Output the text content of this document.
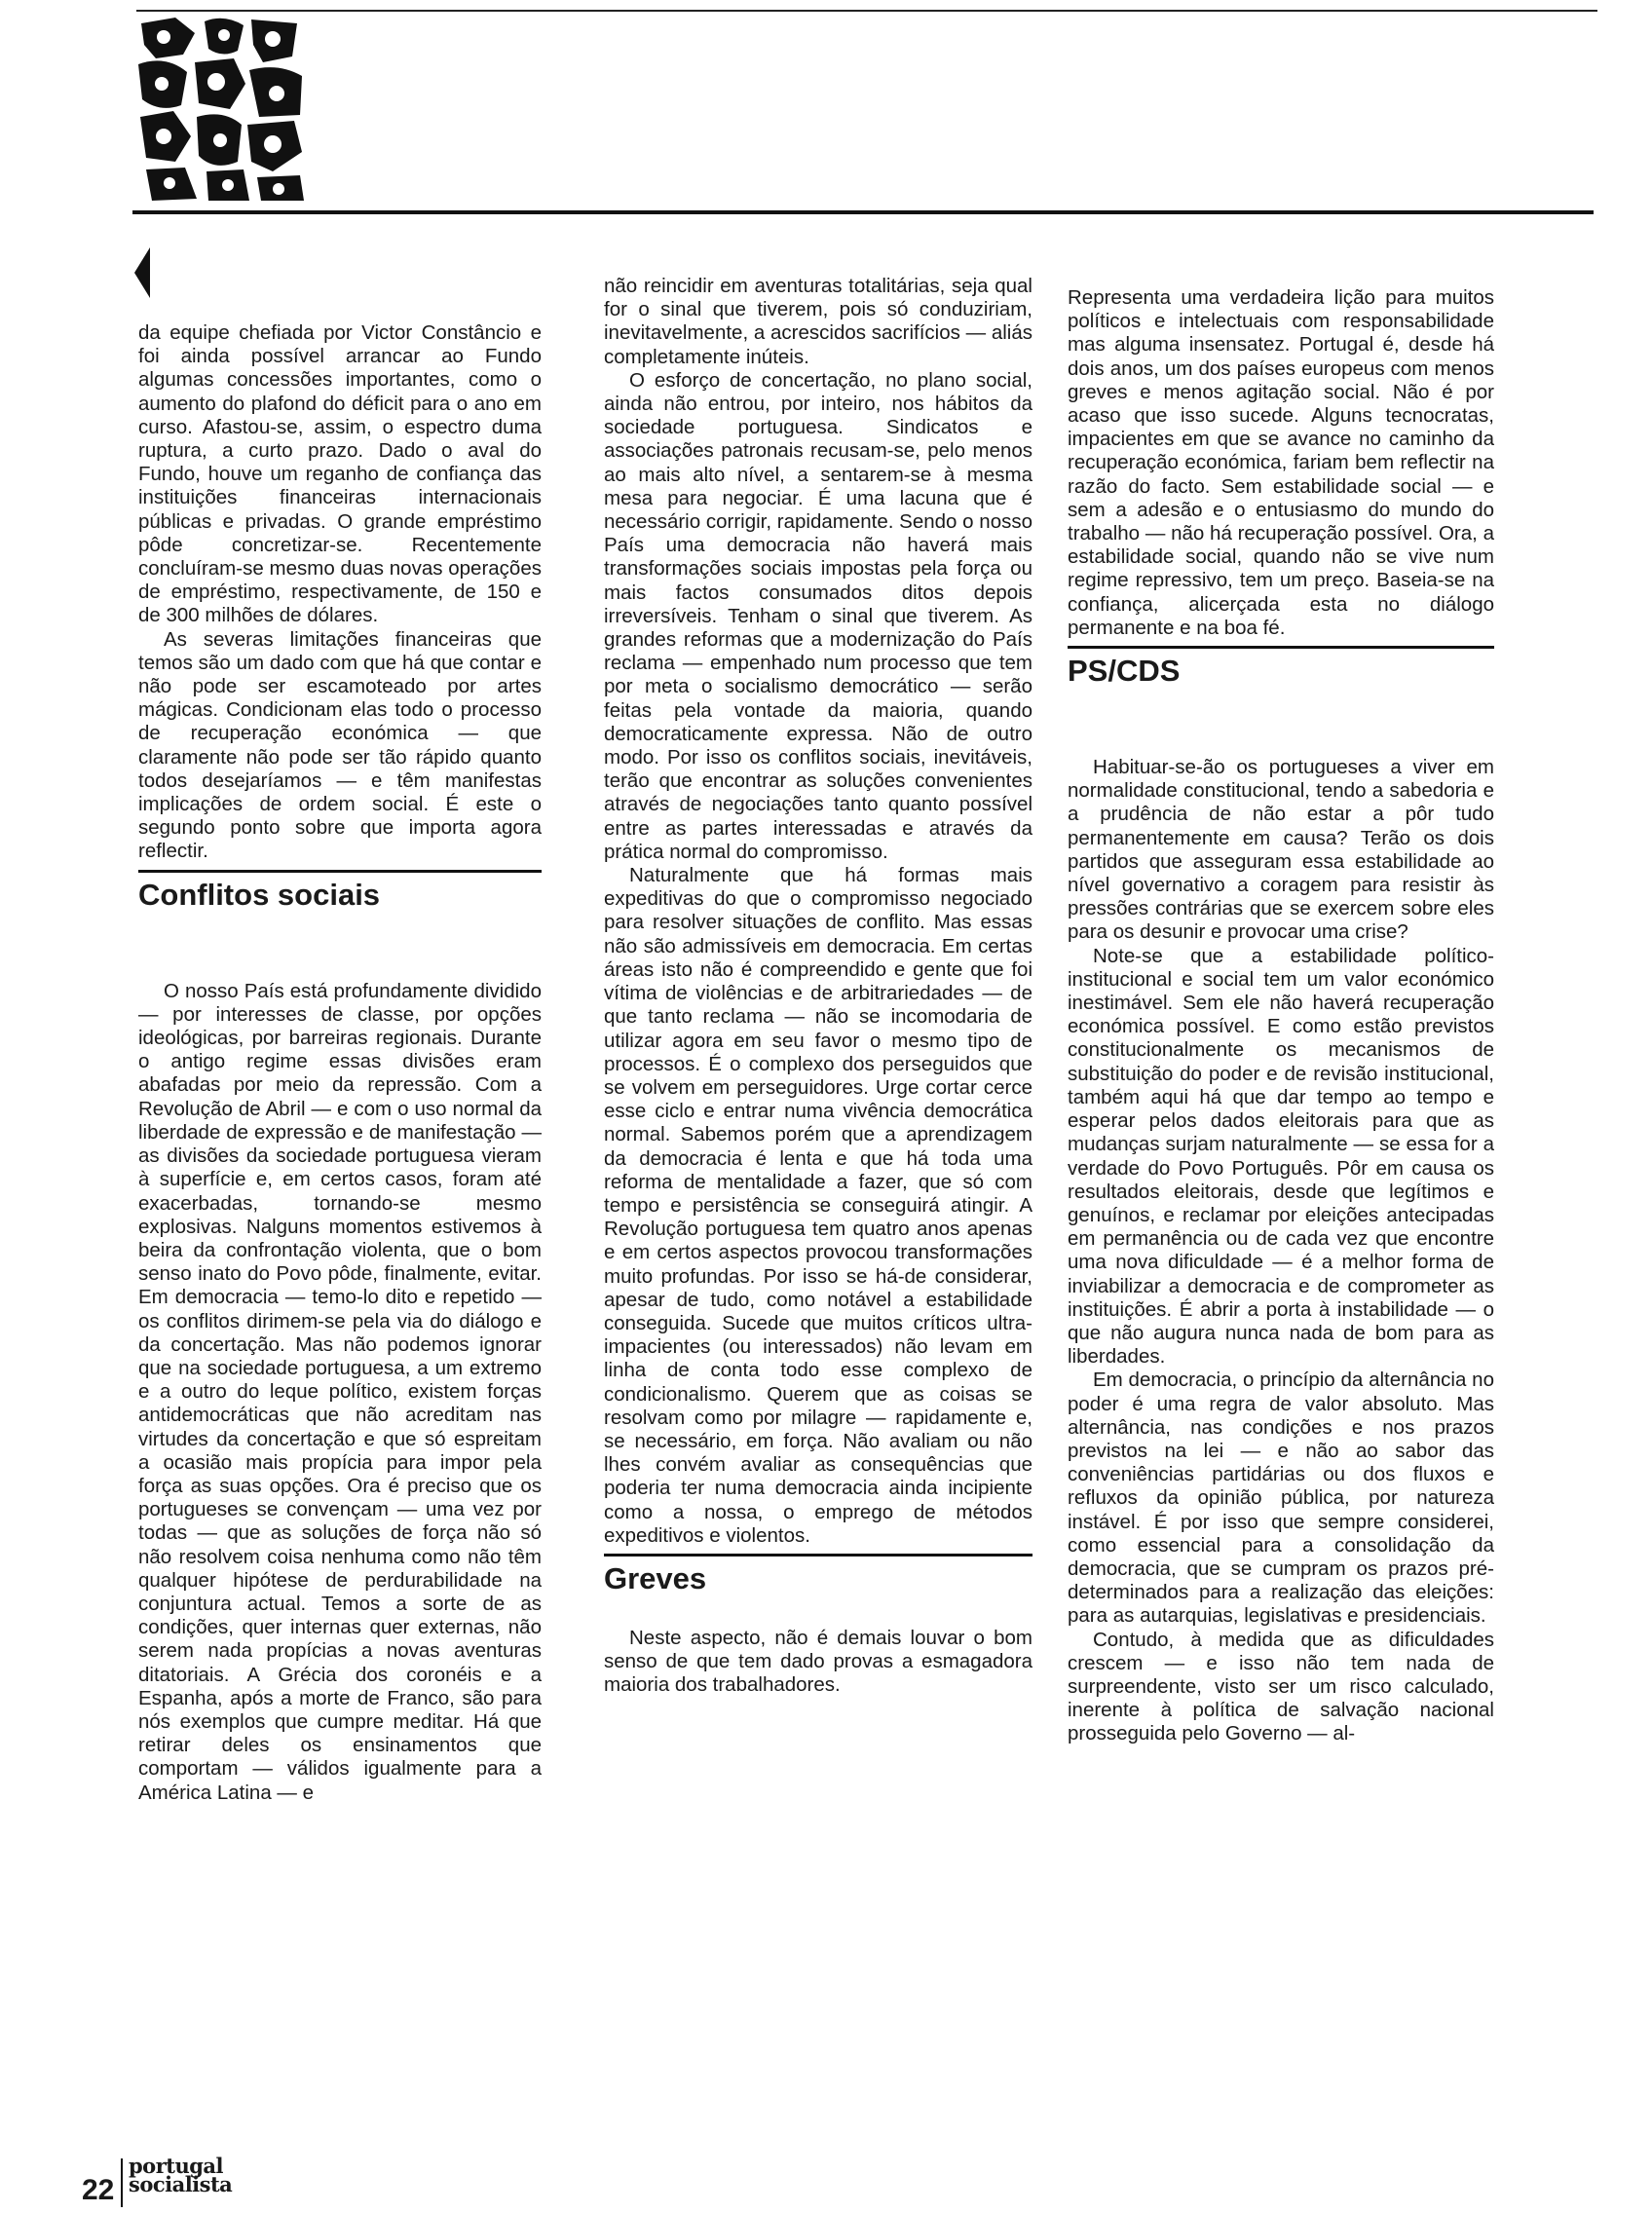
da equipe chefiada por Victor Constâncio e foi ainda possível arrancar ao Fundo algumas concessões importantes, como o aumento do plafond do déficit para o ano em curso. Afastou-se, assim, o espectro duma ruptura, a curto prazo. Dado o aval do Fundo, houve um reganho de confiança das instituições financeiras internacionais públicas e privadas. O grande empréstimo pôde concretizar-se. Recentemente concluíram-se mesmo duas novas operações de empréstimo, respectivamente, de 150 e de 300 milhões de dólares.

As severas limitações financeiras que temos são um dado com que há que contar e não pode ser escamoteado por artes mágicas. Condicionam elas todo o processo de recuperação económica — que claramente não pode ser tão rápido quanto todos desejaríamos — e têm manifestas implicações de ordem social. É este o segundo ponto sobre que importa agora reflectir.

Conflitos sociais

O nosso País está profundamente dividido — por interesses de classe, por opções ideológicas, por barreiras regionais. Durante o antigo regime essas divisões eram abafadas por meio da repressão. Com a Revolução de Abril — e com o uso normal da liberdade de expressão e de manifestação — as divisões da sociedade portuguesa vieram à superfície e, em certos casos, foram até exacerbadas, tornando-se mesmo explosivas. Nalguns momentos estivemos à beira da confrontação violenta, que o bom senso inato do Povo pôde, finalmente, evitar. Em democracia — temo-lo dito e repetido — os conflitos dirimem-se pela via do diálogo e da concertação. Mas não podemos ignorar que na sociedade portuguesa, a um extremo e a outro do leque político, existem forças antidemocráticas que não acreditam nas virtudes da concertação e que só espreitam a ocasião mais propícia para impor pela força as suas opções. Ora é preciso que os portugueses se convençam — uma vez por todas — que as soluções de força não só não resolvem coisa nenhuma como não têm qualquer hipótese de perdurabilidade na conjuntura actual. Temos a sorte de as condições, quer internas quer externas, não serem nada propícias a novas aventuras ditatoriais. A Grécia dos coronéis e a Espanha, após a morte de Franco, são para nós exemplos que cumpre meditar. Há que retirar deles os ensinamentos que comportam — válidos igualmente para a América Latina — e

não reincidir em aventuras totalitárias, seja qual for o sinal que tiverem, pois só conduziriam, inevitavelmente, a acrescidos sacrifícios — aliás completamente inúteis.

O esforço de concertação, no plano social, ainda não entrou, por inteiro, nos hábitos da sociedade portuguesa. Sindicatos e associações patronais recusam-se, pelo menos ao mais alto nível, a sentarem-se à mesma mesa para negociar. É uma lacuna que é necessário corrigir, rapidamente. Sendo o nosso País uma democracia não haverá mais transformações sociais impostas pela força ou mais factos consumados ditos depois irreversíveis. Tenham o sinal que tiverem. As grandes reformas que a modernização do País reclama — empenhado num processo que tem por meta o socialismo democrático — serão feitas pela vontade da maioria, quando democraticamente expressa. Não de outro modo. Por isso os conflitos sociais, inevitáveis, terão que encontrar as soluções convenientes através de negociações tanto quanto possível entre as partes interessadas e através da prática normal do compromisso.

Naturalmente que há formas mais expeditivas do que o compromisso negociado para resolver situações de conflito. Mas essas não são admissíveis em democracia. Em certas áreas isto não é compreendido e gente que foi vítima de violências e de arbitrariedades — de que tanto reclama — não se incomodaria de utilizar agora em seu favor o mesmo tipo de processos. É o complexo dos perseguidos que se volvem em perseguidores. Urge cortar cerce esse ciclo e entrar numa vivência democrática normal. Sabemos porém que a aprendizagem da democracia é lenta e que há toda uma reforma de mentalidade a fazer, que só com tempo e persistência se conseguirá atingir. A Revolução portuguesa tem quatro anos apenas e em certos aspectos provocou transformações muito profundas. Por isso se há-de considerar, apesar de tudo, como notável a estabilidade conseguida. Sucede que muitos críticos ultra-impacientes (ou interessados) não levam em linha de conta todo esse complexo de condicionalismo. Querem que as coisas se resolvam como por milagre — rapidamente e, se necessário, em força. Não avaliam ou não lhes convém avaliar as consequências que poderia ter numa democracia ainda incipiente como a nossa, o emprego de métodos expeditivos e violentos.

Greves

Neste aspecto, não é demais louvar o bom senso de que tem dado provas a esmagadora maioria dos trabalhadores.

Representa uma verdadeira lição para muitos políticos e intelectuais com responsabilidade mas alguma insensatez. Portugal é, desde há dois anos, um dos países europeus com menos greves e menos agitação social. Não é por acaso que isso sucede. Alguns tecnocratas, impacientes em que se avance no caminho da recuperação económica, fariam bem reflectir na razão do facto. Sem estabilidade social — e sem a adesão e o entusiasmo do mundo do trabalho — não há recuperação possível. Ora, a estabilidade social, quando não se vive num regime repressivo, tem um preço. Baseia-se na confiança, alicerçada esta no diálogo permanente e na boa fé.

PS/CDS

Habituar-se-ão os portugueses a viver em normalidade constitucional, tendo a sabedoria e a prudência de não estar a pôr tudo permanentemente em causa? Terão os dois partidos que asseguram essa estabilidade ao nível governativo a coragem para resistir às pressões contrárias que se exercem sobre eles para os desunir e provocar uma crise?

Note-se que a estabilidade político-institucional e social tem um valor económico inestimável. Sem ele não haverá recuperação económica possível. E como estão previstos constitucionalmente os mecanismos de substituição do poder e de revisão institucional, também aqui há que dar tempo ao tempo e esperar pelos dados eleitorais para que as mudanças surjam naturalmente — se essa for a verdade do Povo Português. Pôr em causa os resultados eleitorais, desde que legítimos e genuínos, e reclamar por eleições antecipadas em permanência ou de cada vez que encontre uma nova dificuldade — é a melhor forma de inviabilizar a democracia e de comprometer as instituições. É abrir a porta à instabilidade — o que não augura nunca nada de bom para as liberdades.

Em democracia, o princípio da alternância no poder é uma regra de valor absoluto. Mas alternância, nas condições e nos prazos previstos na lei — e não ao sabor das conveniências partidárias ou dos fluxos e refluxos da opinião pública, por natureza instável. É por isso que sempre considerei, como essencial para a consolidação da democracia, que se cumpram os prazos pré-determinados para a realização das eleições: para as autarquias, legislativas e presidenciais.

Contudo, à medida que as dificuldades crescem — e isso não tem nada de surpreendente, visto ser um risco calculado, inerente à política de salvação nacional prosseguida pelo Governo — al-

22
portugal
socialista
